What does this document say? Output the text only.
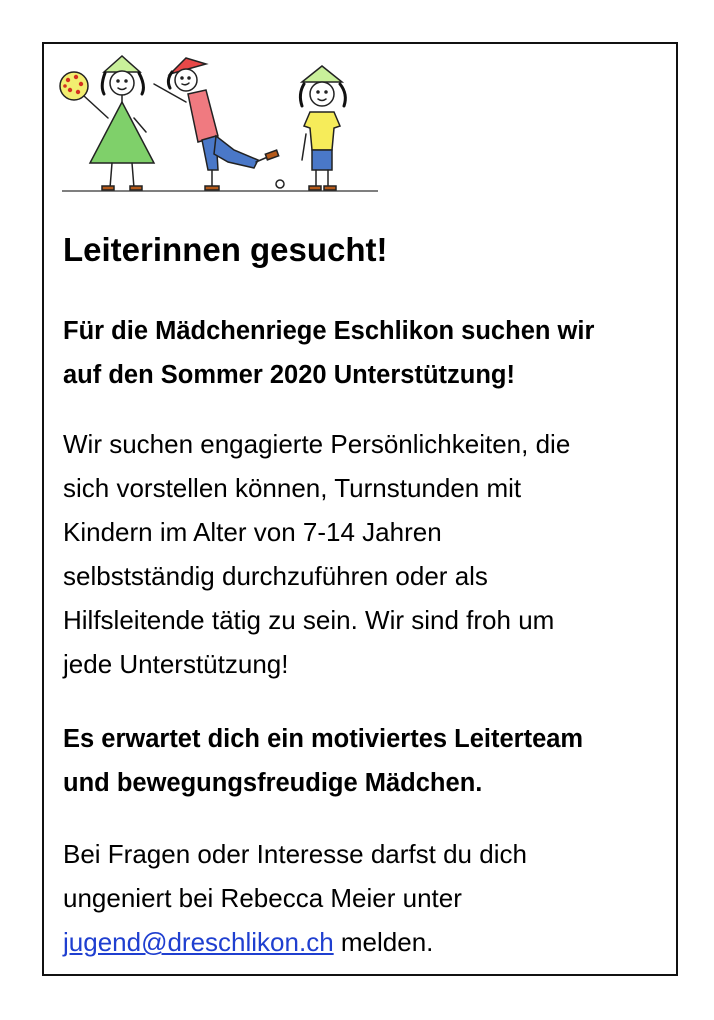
Leiterinnen gesucht!

Für die Mädchenriege Eschlikon suchen wir

auf den Sommer 2020 Unterstützung!

Wir suchen engagierte Persönlichkeiten, die

sich vorstellen können, Turnstunden mit

Kindern im Alter von 7-14 Jahren

selbstständig durchzuführen oder als

Hilfsleitende tätig zu sein. Wir sind froh um

jede Unterstützung!

Es erwartet dich ein motiviertes Leiterteam

und bewegungsfreudige Mädchen.

Bei Fragen oder Interesse darfst du dich

ungeniert bei Rebecca Meier unter

jugend@dreschlikon.ch melden.
